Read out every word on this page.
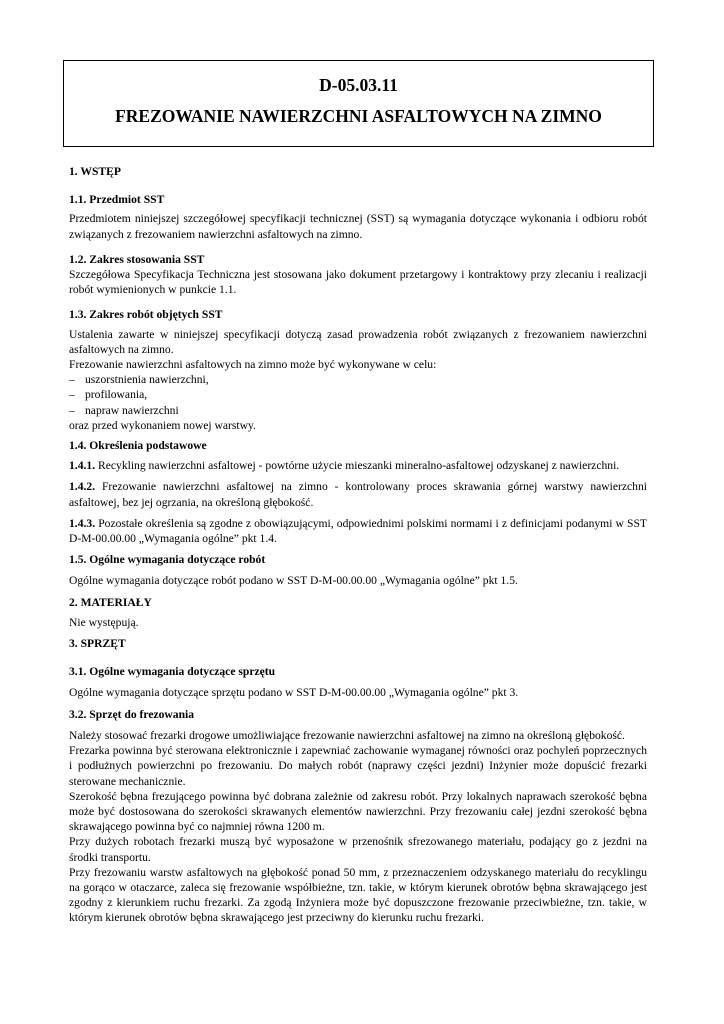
D-05.03.11
FREZOWANIE NAWIERZCHNI ASFALTOWYCH NA ZIMNO
1. WSTĘP
1.1. Przedmiot SST
Przedmiotem niniejszej szczegółowej specyfikacji technicznej (SST) są wymagania dotyczące wykonania i odbioru robót związanych z frezowaniem nawierzchni asfaltowych na zimno.
1.2. Zakres stosowania SST
Szczegółowa Specyfikacja Techniczna jest stosowana jako dokument przetargowy i kontraktowy przy zlecaniu i realizacji robót wymienionych w punkcie 1.1.
1.3. Zakres robót objętych SST
Ustalenia zawarte w niniejszej specyfikacji dotyczą zasad prowadzenia robót związanych z frezowaniem nawierzchni asfaltowych na zimno.
Frezowanie nawierzchni asfaltowych na zimno może być wykonywane w celu:
– uszorstnienia nawierzchni,
– profilowania,
– napraw nawierzchni
oraz przed wykonaniem nowej warstwy.
1.4. Określenia podstawowe
1.4.1. Recykling nawierzchni asfaltowej - powtórne użycie mieszanki mineralno-asfaltowej odzyskanej z nawierzchni.
1.4.2. Frezowanie nawierzchni asfaltowej na zimno - kontrolowany proces skrawania górnej warstwy nawierzchni asfaltowej, bez jej ogrzania, na określoną głębokość.
1.4.3. Pozostałe określenia są zgodne z obowiązującymi, odpowiednimi polskimi normami i z definicjami podanymi w SST D-M-00.00.00 „Wymagania ogólne” pkt 1.4.
1.5. Ogólne wymagania dotyczące robót
Ogólne wymagania dotyczące robót podano w SST D-M-00.00.00 „Wymagania ogólne” pkt 1.5.
2. MATERIAŁY
Nie występują.
3. SPRZĘT
3.1. Ogólne wymagania dotyczące sprzętu
Ogólne wymagania dotyczące sprzętu podano w SST D-M-00.00.00 „Wymagania ogólne” pkt 3.
3.2. Sprzęt do frezowania
Należy stosować frezarki drogowe umożliwiające frezowanie nawierzchni asfaltowej na zimno na określoną głębokość.
Frezarka powinna być sterowana elektronicznie i zapewniać zachowanie wymaganej równości oraz pochyleń poprzecznych i podłużnych powierzchni po frezowaniu. Do małych robót (naprawy części jezdni) Inżynier może dopuścić frezarki sterowane mechanicznie.
Szerokość bębna frezującego powinna być dobrana zależnie od zakresu robót. Przy lokalnych naprawach szerokość bębna może być dostosowana do szerokości skrawanych elementów nawierzchni. Przy frezowaniu całej jezdni szerokość bębna skrawającego powinna być co najmniej równa 1200 m.
Przy dużych robotach frezarki muszą być wyposażone w przenośnik sfrezowanego materiału, podający go z jezdni na środki transportu.
Przy frezowaniu warstw asfaltowych na głębokość ponad 50 mm, z przeznaczeniem odzyskanego materiału do recyklingu na gorąco w otaczarce, zaleca się frezowanie współbieżne, tzn. takie, w którym kierunek obrotów bębna skrawającego jest zgodny z kierunkiem ruchu frezarki. Za zgodą Inżyniera może być dopuszczone frezowanie przeciwbieżne, tzn. takie, w którym kierunek obrotów bębna skrawającego jest przeciwny do kierunku ruchu frezarki.
